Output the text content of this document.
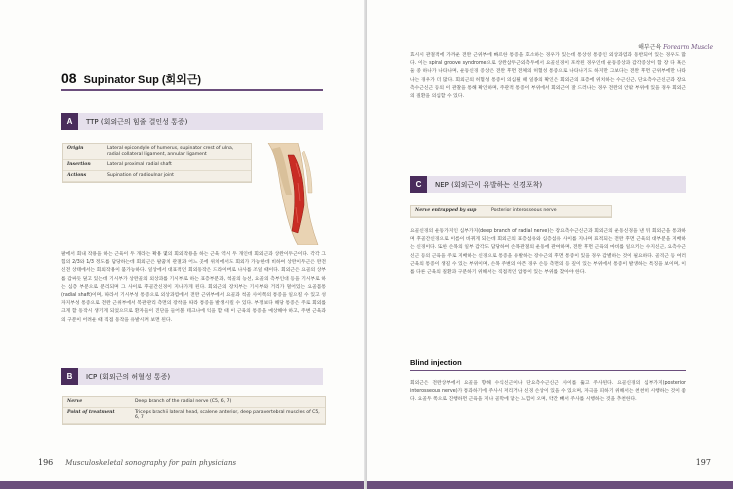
08 Supinator Sup (회외근)
A	TTP (회외근의 힘줄 결인성 통증)
Origin	Lateral epicondyle of humerus, supinator crest of ulna, radial collateral ligament, annular ligament
Insertion	Lateral proximal radial shaft
Actions	Supination of radioulnar joint
팔에서 회내 작용을 하는 근육이 두 개라는 확용 몇의 회외작용을 하는 근육 역시 두 개인데 회외근과 상완이두근이다. 각각 그 힘의 2/3와 1/3 정도를 담당하는데 회외근은 팔꿈치 관절과 어느 곳에 위치에서도 회외가 가능한데 비하여 상완이두근은 완전신전 상태에서는 회외작용이 불가능하다. 일상에서 대표적인 회외동작은 드라이버로 나사를 조일 때이다. 회외근은 요골의 상부를 감싸듯 덮고 있는데 기시부가 상완골의 외상과를 기시부로 하는 표층부분과, 척골의 능선, 요골의 측부인대 등을 기시부로 하는 심층 부분으로 분리되며 그 사이로 후골간신경이 지나가게 된다. 회외근의 장치부는 기시부와 거리가 멀어있는 요골몸통(radial shaft)이며, 따라서 기시부성 통증으로 외상과염에서 전완 근위부에서 요골과 척골 사이쪽의 통증을 일으킬 수 있고 성자지부성 통증으로 전완 근위부에서 복관관리 측면의 장착을 따라 통증을 발생시킬 수 있다. 부정보다 해당 통증은 주로 회외를 크게 할 동작시 생기게 되었으므로 환자들이 진단을 들어볼 테크나에 익을 할 때 이 근육의 통증을 예상해야 하고, 주변 근육과의 구분이 어려운 때 직접 동작을 유발시켜 보면 된다.
B	ICP (회외근의 허혈성 통증)
Nerve	Deep branch of the radial nerve (C5, 6, 7)
Point of treatment	Triceps brachii lateral head, scalene anterior, deep paravertebral muscles of C5, 6, 7
196 Musculoskeletal sonography for pain physicians
해부근육 Forearm Muscle
효시시 관절적에 가까운 전완 근위부에 빠르한 통증을 호소하는 경우가 있는데 통상성 통증인 외상과염과 동반되어 있는 경우도 많다. 이는 spiral groove syndrome으로 상완삼두근외측두에서 요골신경이 포착된 경우인데 운동증상과 감각증상이 함 장 다 혹은 둘 중 하나가 나타나며, 운동신경 증상은 전완 후면 전체의 허혈성 통증으로 나타나기도 하지만 그보다는 전완 후면 근위부에만 나타나는 경우가 더 많다. 회외근의 허혈성 통증이 의심될 때 일종의 확인은 회외근의 표층에 위치하는 수근신근, 단요측수근신근과 장요측수근신근 등의 이 관찰을 통해 확인하며, 주관적 통증이 부위에서 회외근이 잘 드러나는 경우 전완의 안팎 부위에 있을 경우 회외근의 질환을 의심할 수 있다.
C	NEP (회외근이 유발하는 신경포착)
Nerve entrapped by sup	Posterior interosseous nerve
요골신경의 운동가지인 심부가지(deep branch of radial nerve)는 장요측수근신근과 회외근의 운동신경을 낸 뒤 회외근을 통과하며 후골간신경으로 이름이 바뀌게 되는데 회외근의 표층섬유와 심층섬유 사이를 지나며 표적되는 전완 후면 근육의 대부분을 지배하는 신경이다. 또한 손목의 일부 감각도 담당하여 손목관절의 운동에 관여하며, 전완 후면 근육의 마비를 일으키는 수지신근, 요측수근신근 등의 근육을 주로 지배하는 신경으로 통증을 유발하는 장수근의 후면 통증이 있을 경우 감별하는 것이 필요하다. 골격근 등 여러 근육의 통증이 생길 수 있는 부위이며, 손목 주변의 아픈 경우 손등 측면의 등 깊이 있는 부위에서 통증이 발생하는 특징을 보이며, 이를 다른 근육의 질환과 구분하기 위해서는 직접적인 압통이 있는 부위를 찾아야 한다.
Blind injection
회외근은 전완상부에서 요골을 향해 수식신근이나 단요측수근신근 사이를 뚫고 주사된다. 요골신경의 심부가지(posterior interosseous nerve)가 통과하기에 주사시 저리거나 신경 손상이 있을 수 있으며, 자극을 피하기 위해서는 천천히 시행하는 것이 좋다. 요골두 쪽으로 진행하면 근육을 지나 골막에 닿는 느낌이 오며, 약간 빼서 주사를 시행하는 것을 추천한다.
197
